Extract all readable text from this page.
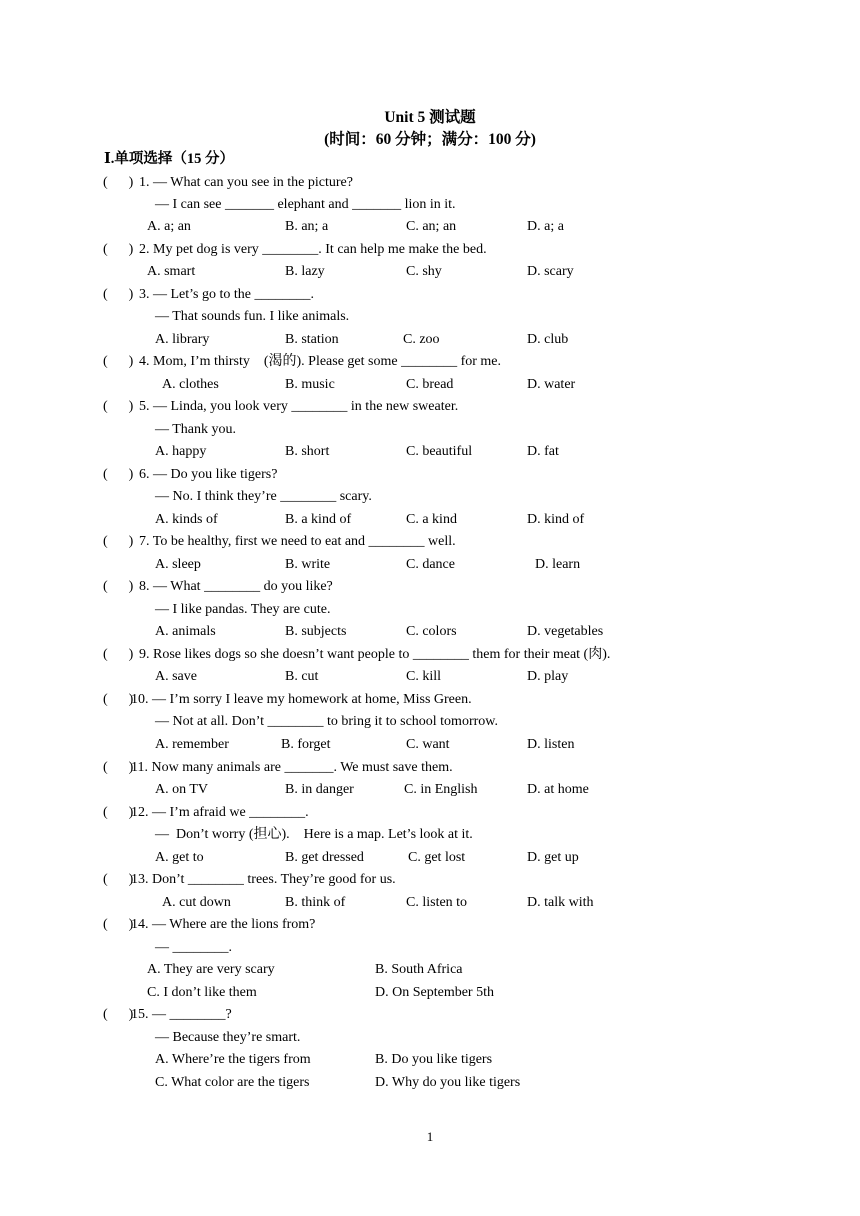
Unit 5 测试题
(时间：60 分钟；满分：100 分)
Ⅰ.单项选择（15 分）
(      ) 1. — What can you see in the picture?
— I can see _______ elephant and _______ lion in it.
A. a; an	B. an; a	C. an; an	D. a; a
(      ) 2. My pet dog is very ________. It can help me make the bed.
A. smart	B. lazy	C. shy	D. scary
(      ) 3. — Let’s go to the ________.
— That sounds fun. I like animals.
A. library	B. station	C. zoo	D. club
(      ) 4. Mom, I’m thirsty    (渴的). Please get some ________ for me.
A. clothes	B. music	C. bread	D. water
(      ) 5. — Linda, you look very ________ in the new sweater.
— Thank you.
A. happy	B. short	C. beautiful	D. fat
(      ) 6. — Do you like tigers?
— No. I think they’re ________ scary.
A. kinds of	B. a kind of	C. a kind	D. kind of
(      ) 7. To be healthy, first we need to eat and ________ well.
A. sleep	B. write	C. dance	D. learn
(      ) 8. — What ________ do you like?
— I like pandas. They are cute.
A. animals	B. subjects	C. colors	D. vegetables
(      ) 9. Rose likes dogs so she doesn’t want people to ________ them for their meat (肉).
A. save	B. cut	C. kill	D. play
(      )
10. — I’m sorry I leave my homework at home, Miss Green.
— Not at all. Don’t ________ to bring it to school tomorrow.
A. remember	B. forget	C. want	D. listen
(      )
11. Now many animals are _______. We must save them.
A. on TV	B. in danger	C. in English	D. at home
(      )
12. — I’m afraid we ________.
—  Don’t worry (担心).    Here is a map. Let’s look at it.
A. get to	B. get dressed	C. get lost	D. get up
(      )
13. Don’t ________ trees. They’re good for us.
A. cut down	B. think of	C. listen to	D. talk with
(      )
14. — Where are the lions from?
— ________.
A. They are very scary	B. South Africa
C. I don’t like them	D. On September 5th
(      )
15. — ________?
— Because they’re smart.
A. Where’re the tigers from	B. Do you like tigers
C. What color are the tigers	D. Why do you like tigers
1
